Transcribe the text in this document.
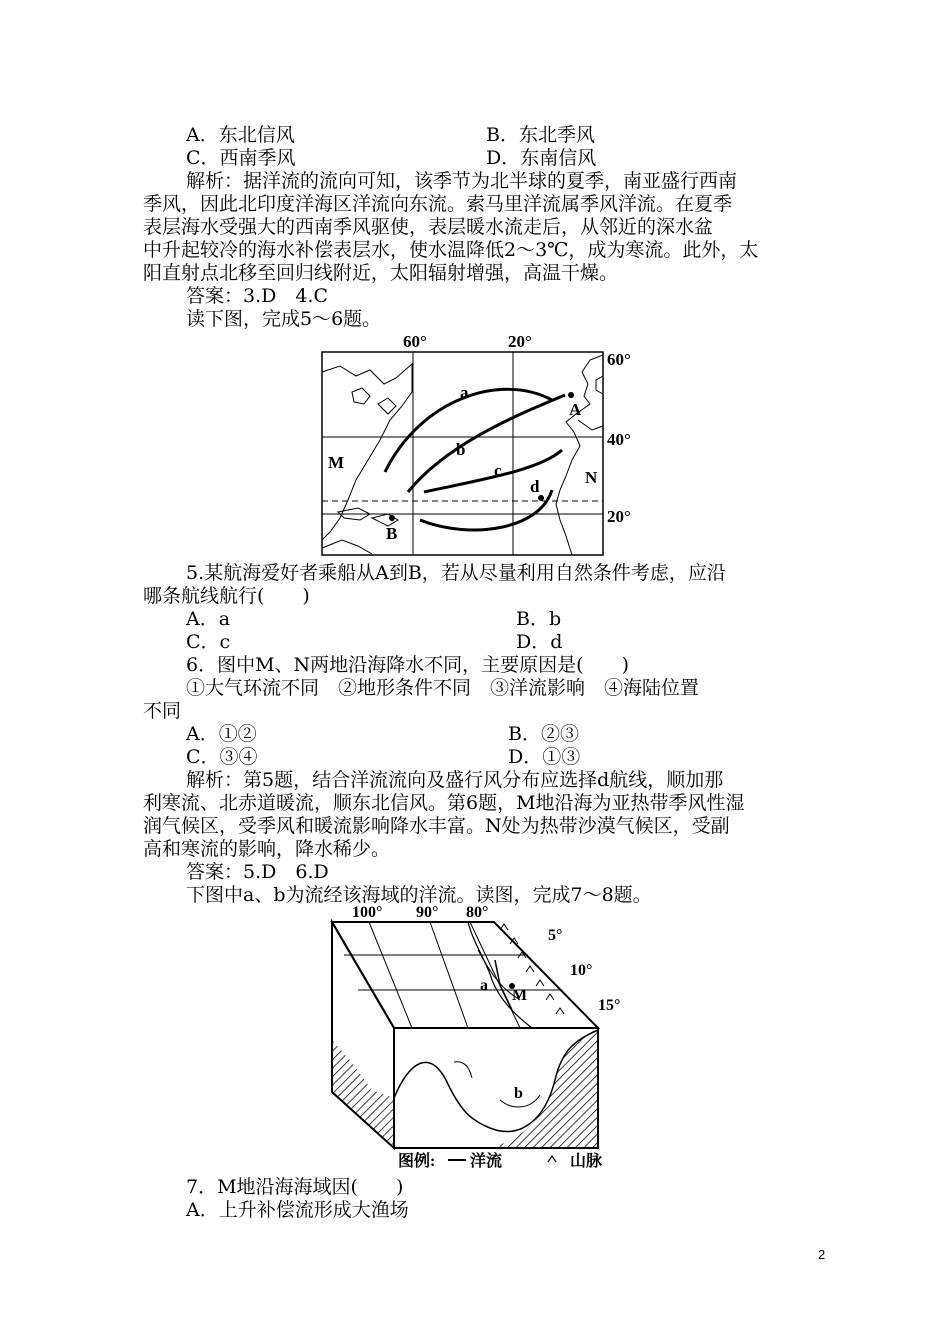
A．东北信风	B．东北季风
C．西南季风	D．东南信风
解析：据洋流的流向可知，该季节为北半球的夏季，南亚盛行西南
季风，因此北印度洋海区洋流向东流。索马里洋流属季风洋流。在夏季
表层海水受强大的西南季风驱使，表层暖水流走后，从邻近的深水盆
中升起较冷的海水补偿表层水，使水温降低2～3℃，成为寒流。此外，太
阳直射点北移至回归线附近，太阳辐射增强，高温干燥。
答案：3.D　4.C
读下图，完成5～6题。
60°	20°
60°
40°
20°
A
B
M
N
a
b
c
d
5.某航海爱好者乘船从A到B，若从尽量利用自然条件考虑，应沿
哪条航线航行(　　)
A．a	B．b
C．c	D．d
6．图中M、N两地沿海降水不同，主要原因是(　　)
①大气环流不同　②地形条件不同　③洋流影响　④海陆位置
不同
A．①②	B．②③
C．③④	D．①③
解析：第5题，结合洋流流向及盛行风分布应选择d航线，顺加那
利寒流、北赤道暖流，顺东北信风。第6题，M地沿海为亚热带季风性湿
润气候区，受季风和暖流影响降水丰富。N处为热带沙漠气候区，受副
高和寒流的影响，降水稀少。
答案：5.D　6.D
下图中a、b为流经该海域的洋流。读图，完成7～8题。
100° 90° 80°
5°
10°
15°
a
M
b
图例: 洋流	山脉
7．M地沿海海域因(　　)
A．上升补偿流形成大渔场
2
